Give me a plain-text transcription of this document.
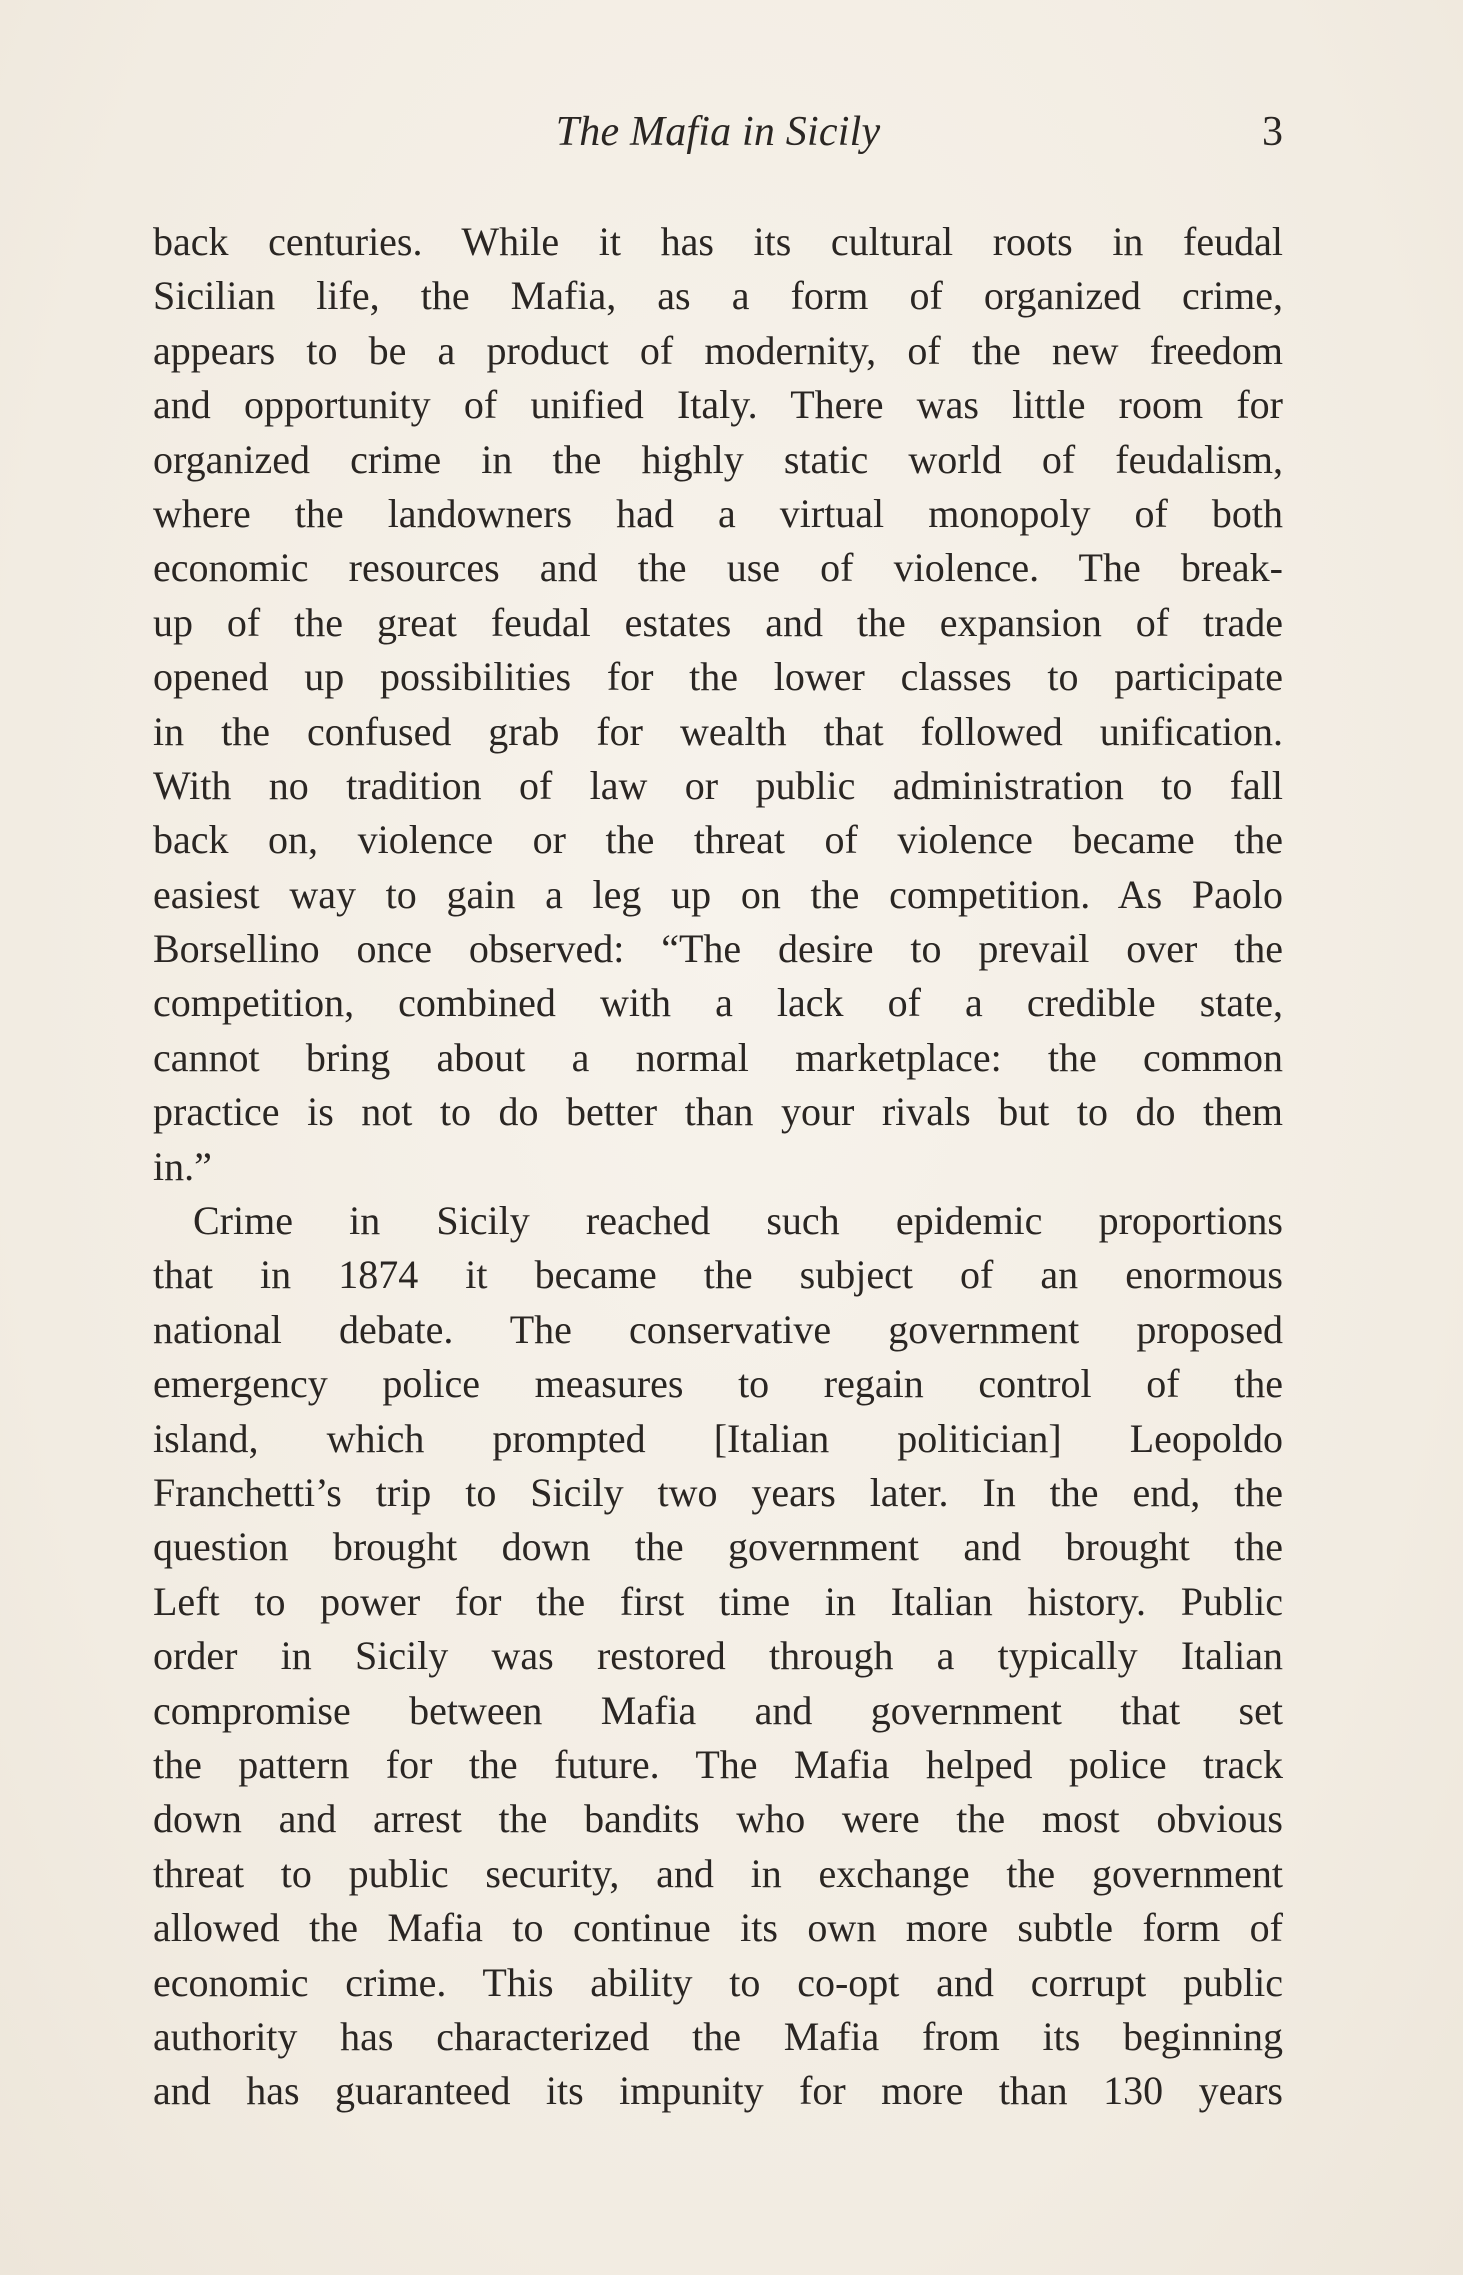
The Mafia in Sicily	3
back centuries. While it has its cultural roots in feudal
Sicilian life, the Mafia, as a form of organized crime,
appears to be a product of modernity, of the new freedom
and opportunity of unified Italy. There was little room for
organized crime in the highly static world of feudalism,
where the landowners had a virtual monopoly of both
economic resources and the use of violence. The break-
up of the great feudal estates and the expansion of trade
opened up possibilities for the lower classes to participate
in the confused grab for wealth that followed unification.
With no tradition of law or public administration to fall
back on, violence or the threat of violence became the
easiest way to gain a leg up on the competition. As Paolo
Borsellino once observed: “The desire to prevail over the
competition, combined with a lack of a credible state,
cannot bring about a normal marketplace: the common
practice is not to do better than your rivals but to do them
in.”
Crime in Sicily reached such epidemic proportions
that in 1874 it became the subject of an enormous
national debate. The conservative government proposed
emergency police measures to regain control of the
island, which prompted [Italian politician] Leopoldo
Franchetti’s trip to Sicily two years later. In the end, the
question brought down the government and brought the
Left to power for the first time in Italian history. Public
order in Sicily was restored through a typically Italian
compromise between Mafia and government that set
the pattern for the future. The Mafia helped police track
down and arrest the bandits who were the most obvious
threat to public security, and in exchange the government
allowed the Mafia to continue its own more subtle form of
economic crime. This ability to co-opt and corrupt public
authority has characterized the Mafia from its beginning
and has guaranteed its impunity for more than 130 years
